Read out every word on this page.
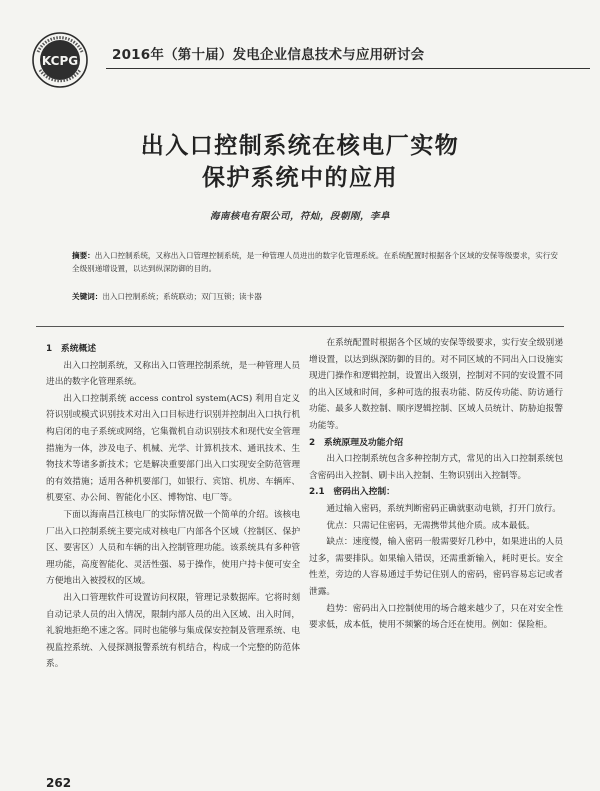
KCPG	2016年（第十届）发电企业信息技术与应用研讨会
出入口控制系统在核电厂实物
保护系统中的应用
海南核电有限公司，符灿，段朝刚，李阜
摘要：出入口控制系统，又称出入口管理控制系统，是一种管理人员进出的数字化管理系统。在系统配置时根据各个区域的安保等级要求，实行安全级别递增设置，以达到纵深防御的目的。
关键词：出入口控制系统；系统联动；双门互锁；读卡器

1　系统概述

出入口控制系统，又称出入口管理控制系统，是一种管理人员进出的数字化管理系统。

出入口控制系统 access control system(ACS) 利用自定义符识别或模式识别技术对出入口目标进行识别并控制出入口执行机构启闭的电子系统或网络，它集微机自动识别技术和现代安全管理措施为一体，涉及电子、机械、光学、计算机技术、通讯技术、生物技术等诸多新技术；它是解决重要部门出入口实现安全防范管理的有效措施；适用各种机要部门，如银行、宾馆、机房、车辆库、机要室、办公间、智能化小区、博物馆、电厂等。

下面以海南昌江核电厂的实际情况做一个简单的介绍。该核电厂出入口控制系统主要完成对核电厂内部各个区域（控制区、保护区、要害区）人员和车辆的出入控制管理功能。该系统具有多种管理功能，高度智能化、灵活性强、易于操作，使用户持卡便可安全方便地出入被授权的区域。

出入口管理软件可设置访问权限，管理记录数据库。它将时刻自动记录人员的出入情况，限制内部人员的出入区域、出入时间，礼貌地拒绝不速之客。同时也能够与集成保安控制及管理系统、电视监控系统、入侵探测报警系统有机结合，构成一个完整的防范体系。

在系统配置时根据各个区域的安保等级要求，实行安全级别递增设置，以达到纵深防御的目的。对不同区域的不同出入口设施实现进门操作和逻辑控制，设置出入级别，控制对不同的安设置不同的出入区域和时间，多种可选的报表功能、防反传功能、防访通行功能、最多人数控制、顺序逻辑控制、区域人员统计、防胁迫报警功能等。

2　系统原理及功能介绍

出入口控制系统包含多种控制方式，常见的出入口控制系统包含密码出入控制、刷卡出入控制、生物识别出入控制等。

2.1　密码出入控制：

通过输入密码，系统判断密码正确就驱动电锁，打开门放行。

优点：只需记住密码，无需携带其他介质。成本最低。

缺点：速度慢，输入密码一般需要好几秒中，如果进出的人员过多，需要排队。如果输入错误，还需重新输入，耗时更长。安全性差，旁边的人容易通过手势记住别人的密码，密码容易忘记或者泄露。

趋势：密码出入口控制使用的场合越来越少了，只在对安全性要求低，成本低，使用不频繁的场合还在使用。例如：保险柜。

262
